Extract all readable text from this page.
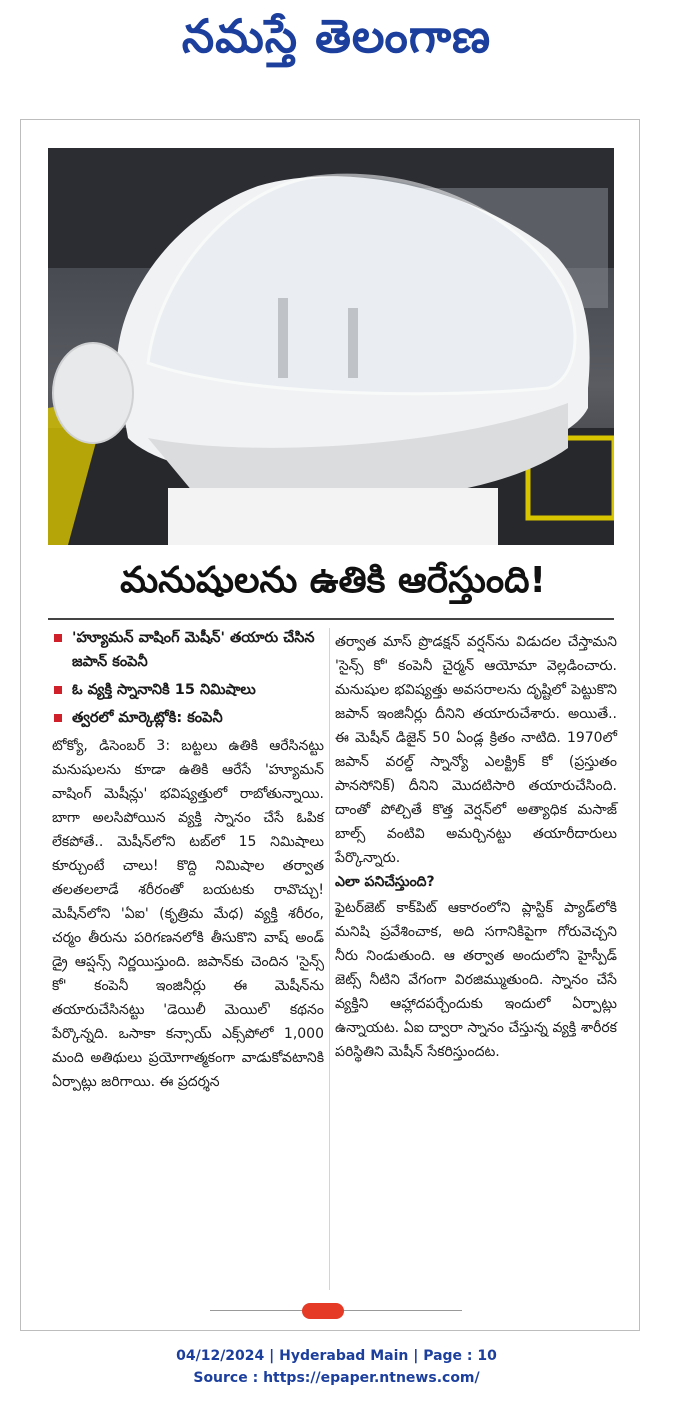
నమస్తే తెలంగాణ
మనుషులను ఉతికి ఆరేస్తుంది!
'హ్యూమన్ వాషింగ్ మెషీన్' తయారు చేసిన జపాన్ కంపెనీ
ఓ వ్యక్తి స్నానానికి 15 నిమిషాలు
త్వరలో మార్కెట్లోకి: కంపెనీ
టోక్యో, డిసెంబర్ 3: బట్టలు ఉతికి ఆరేసినట్టు మనుషులను కూడా ఉతికి ఆరేసే 'హ్యూమన్ వాషింగ్ మెషీన్లు' భవిష్యత్తులో రాబోతున్నాయి. బాగా అలసిపోయిన వ్యక్తి స్నానం చేసే ఓపిక లేకపోతే.. మెషీన్‌లోని టబ్‌లో 15 నిమిషాలు కూర్చుంటే చాలు! కొద్ది నిమిషాల తర్వాత తలతలలాడే శరీరంతో బయటకు రావొచ్చు! మెషీన్‌లోని 'ఏఐ' (కృత్రిమ మేధ) వ్యక్తి శరీరం, చర్మం తీరును పరిగణనలోకి తీసుకొని వాష్ అండ్ డ్రై ఆప్షన్స్ నిర్ణయిస్తుంది. జపాన్‌కు చెందిన 'సైన్స్ కో' కంపెనీ ఇంజినీర్లు ఈ మెషీన్‌ను తయారుచేసినట్టు 'డెయిలీ మెయిల్' కథనం పేర్కొన్నది. ఒసాకా కన్సాయ్ ఎక్స్‌పోలో 1,000 మంది అతిథులు ప్రయోగాత్మకంగా వాడుకోవటానికి ఏర్పాట్లు జరిగాయి. ఈ ప్రదర్శన
తర్వాత మాస్ ప్రొడక్షన్ వర్షన్‌ను విడుదల చేస్తామని 'సైన్స్ కో' కంపెనీ చైర్మన్ ఆయోమా వెల్లడించారు. మనుషుల భవిష్యత్తు అవసరాలను దృష్టిలో పెట్టుకొని జపాన్ ఇంజినీర్లు దీనిని తయారుచేశారు. అయితే.. ఈ మెషీన్ డిజైన్ 50 ఏండ్ల క్రితం నాటిది. 1970లో జపాన్ వరల్డ్ స్నాన్యో ఎలక్ట్రిక్ కో (ప్రస్తుతం పానసోనిక్) దీనిని మొదటిసారి తయారుచేసింది. దాంతో పోల్చితే కొత్త వెర్షన్‌లో అత్యాధిక మసాజ్ బాల్స్ వంటివి అమర్చినట్టు తయారీదారులు పేర్కొన్నారు.
ఎలా పనిచేస్తుంది?
ఫైటర్‌జెట్ కాక్‌పిట్ ఆకారంలోని ప్లాస్టిక్ ప్యాడ్‌లోకి మనిషి ప్రవేశించాక, అది సగానికిపైగా గోరువెచ్చని నీరు నిండుతుంది. ఆ తర్వాత అందులోని హైస్పీడ్ జెట్స్ నీటిని వేగంగా విరజిమ్ముతుంది. స్నానం చేసే వ్యక్తిని ఆహ్లాదపర్చేందుకు ఇందులో ఏర్పాట్లు ఉన్నాయట. ఏఐ ద్వారా స్నానం చేస్తున్న వ్యక్తి శారీరక పరిస్థితిని మెషీన్ సేకరిస్తుందట.
04/12/2024 | Hyderabad Main | Page : 10
Source : https://epaper.ntnews.com/
